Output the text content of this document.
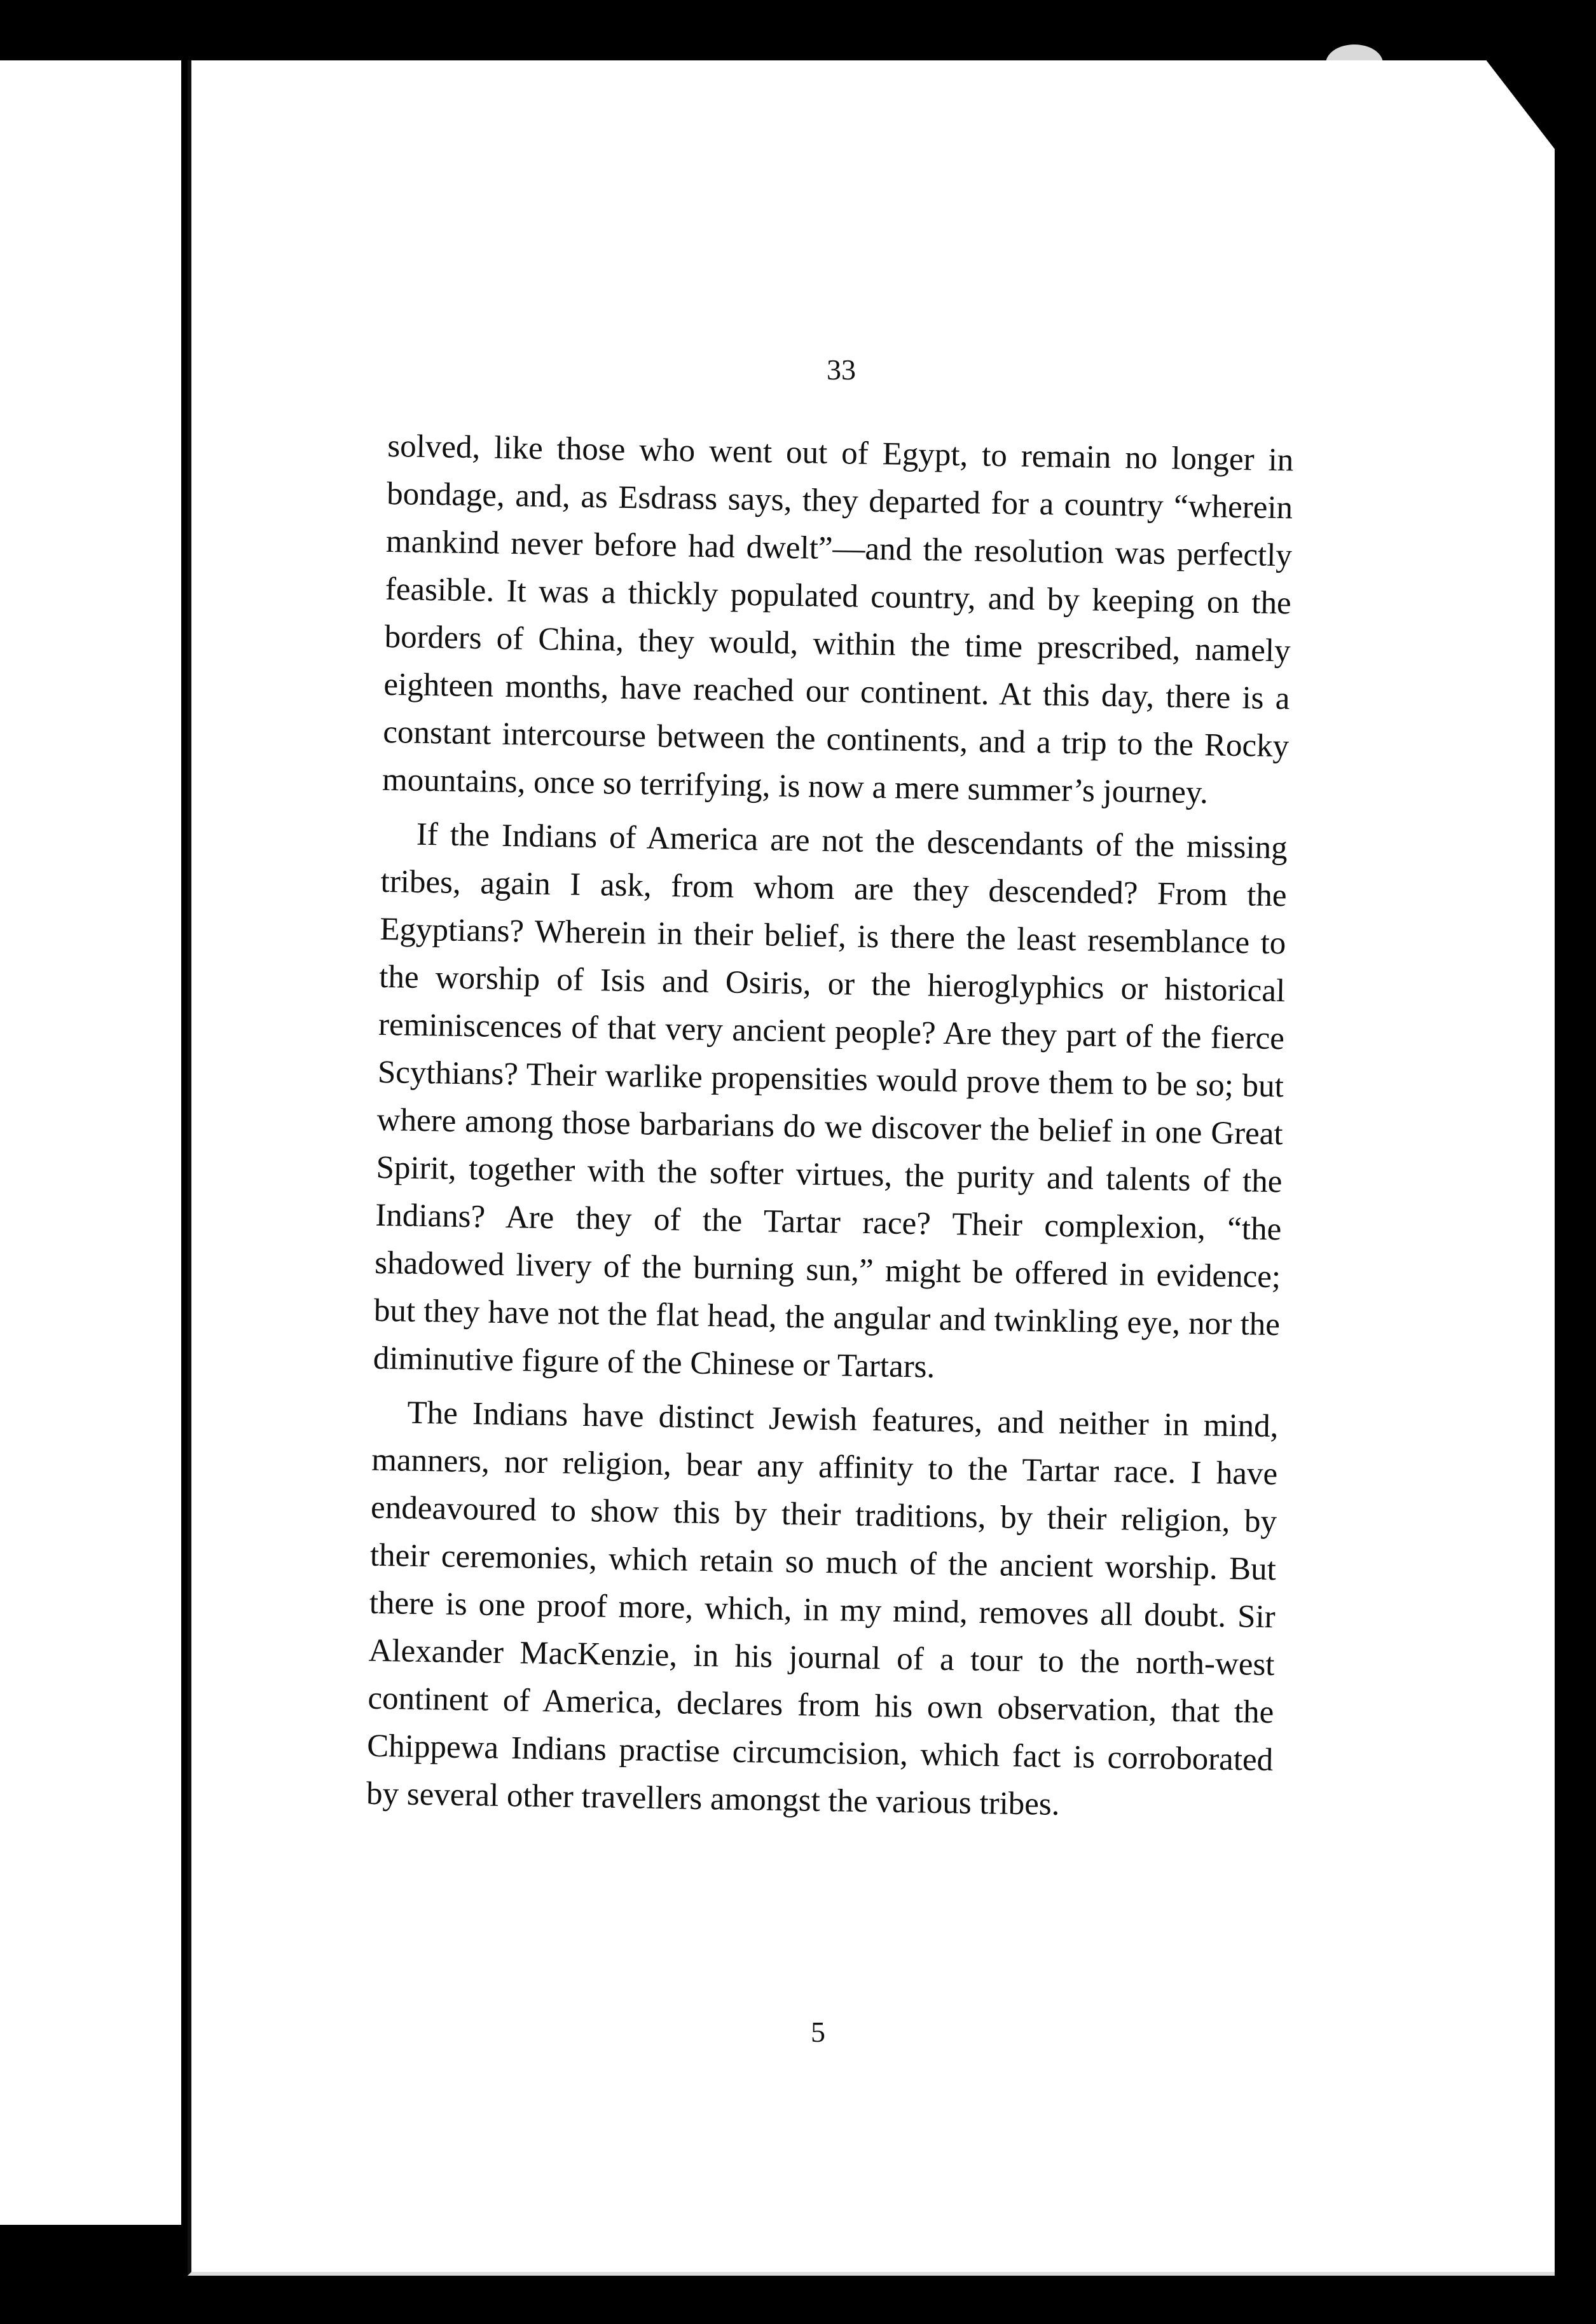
33

solved, like those who went out of Egypt, to remain no longer in bondage, and, as Esdrass says, they departed for a country “wherein mankind never before had dwelt”—and the resolution was perfectly feasible. It was a thickly populated country, and by keeping on the borders of China, they would, within the time prescribed, namely eighteen months, have reached our continent. At this day, there is a constant intercourse between the continents, and a trip to the Rocky mountains, once so terrifying, is now a mere summer’s journey.

If the Indians of America are not the descendants of the missing tribes, again I ask, from whom are they descended? From the Egyptians? Wherein in their belief, is there the least resemblance to the worship of Isis and Osiris, or the hieroglyphics or historical reminiscences of that very ancient people? Are they part of the fierce Scythians? Their warlike propensities would prove them to be so; but where among those barbarians do we discover the belief in one Great Spirit, together with the softer virtues, the purity and talents of the Indians? Are they of the Tartar race? Their complexion, “the shadowed livery of the burning sun,” might be offered in evidence; but they have not the flat head, the angular and twinkling eye, nor the diminutive figure of the Chinese or Tartars.

The Indians have distinct Jewish features, and neither in mind, manners, nor religion, bear any affinity to the Tartar race. I have endeavoured to show this by their traditions, by their religion, by their ceremonies, which retain so much of the ancient worship. But there is one proof more, which, in my mind, removes all doubt. Sir Alexander MacKenzie, in his journal of a tour to the north-west continent of America, declares from his own observation, that the Chippewa Indians practise circumcision, which fact is corroborated by several other travellers amongst the various tribes.

5
